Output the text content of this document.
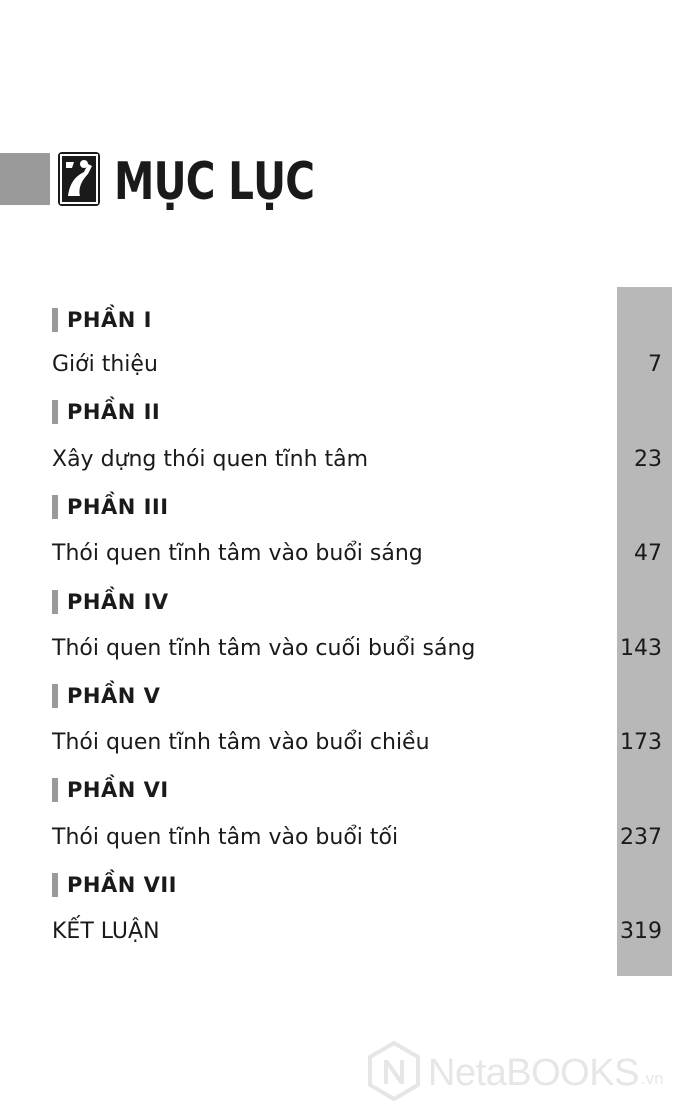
MỤC LỤC
PHẦN I
Giới thiệu	7
PHẦN II
Xây dựng thói quen tĩnh tâm	23
PHẦN III
Thói quen tĩnh tâm vào buổi sáng	47
PHẦN IV
Thói quen tĩnh tâm vào cuối buổi sáng	143
PHẦN V
Thói quen tĩnh tâm vào buổi chiều	173
PHẦN VI
Thói quen tĩnh tâm vào buổi tối	237
PHẦN VII
KẾT LUẬN	319
NetaBOOKS .vn
